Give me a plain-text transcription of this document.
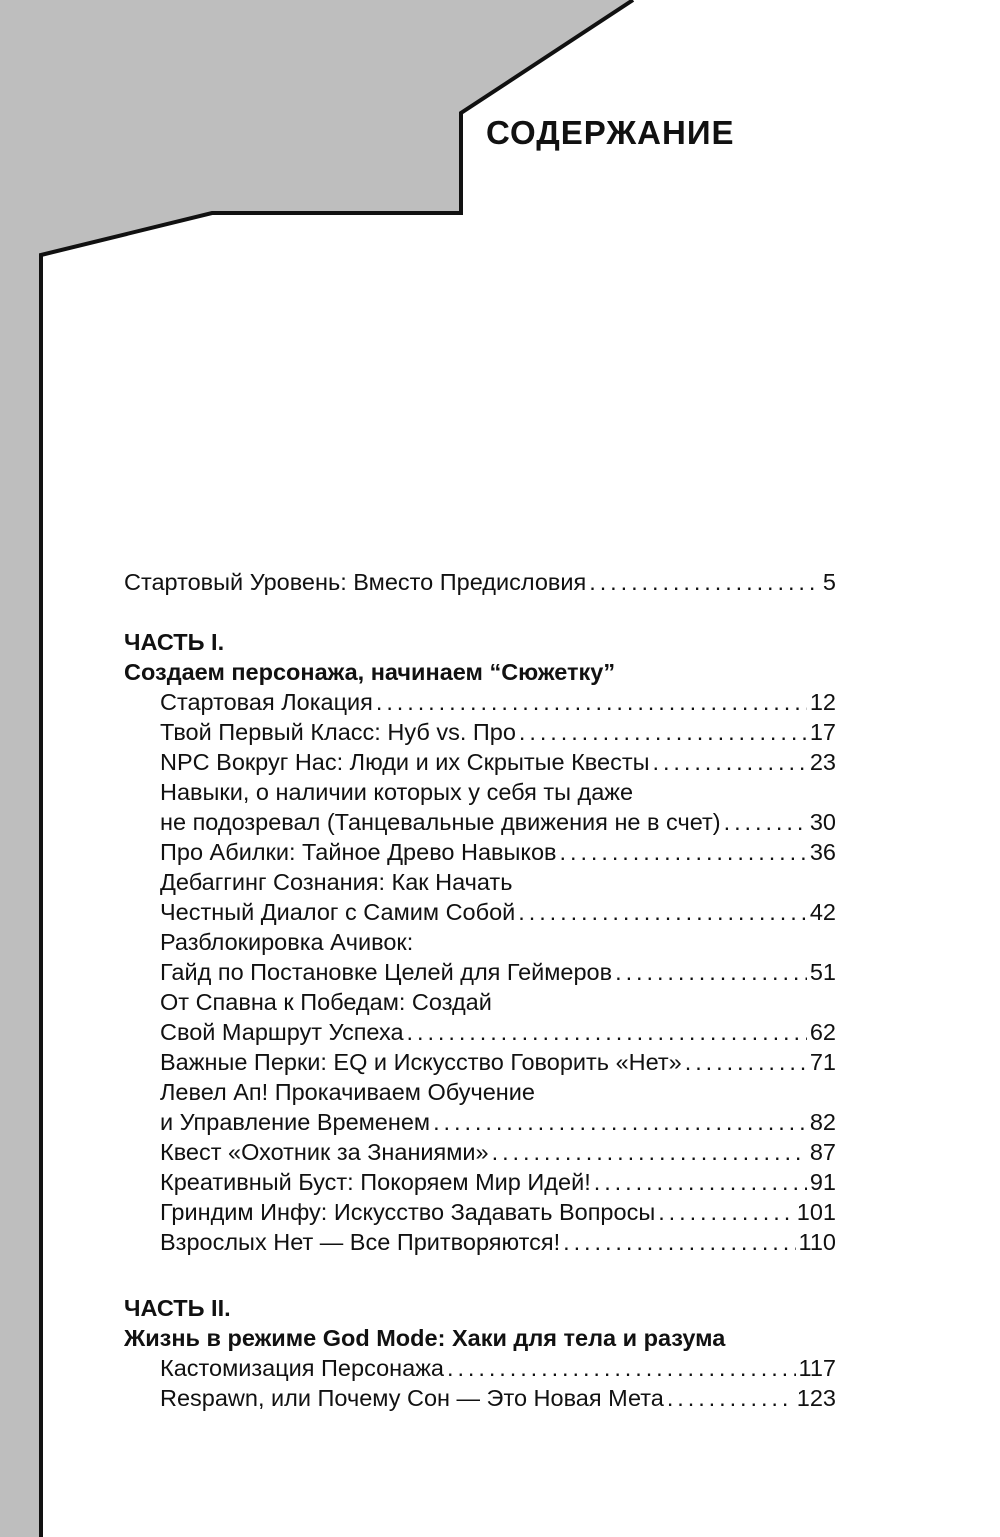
СОДЕРЖАНИЕ
Стартовый Уровень: Вместо Предисловия . . .	5
ЧАСТЬ I.
Создаем персонажа, начинаем “Сюжетку”
Стартовая Локация . . .	12
Твой Первый Класс: Нуб vs. Про . . .	17
NPC Вокруг Нас: Люди и их Скрытые Квесты . . .	23
Навыки, о наличии которых у себя ты даже
не подозревал (Танцевальные движения не в счет) . . .	30
Про Абилки: Тайное Древо Навыков . . .	36
Дебаггинг Сознания: Как Начать
Честный Диалог с Самим Собой . . .	42
Разблокировка Ачивок:
Гайд по Постановке Целей для Геймеров . . .	51
От Спавна к Победам: Создай
Свой Маршрут Успеха . . .	62
Важные Перки: EQ и Искусство Говорить «Нет» . . .	71
Левел Ап! Прокачиваем Обучение
и Управление Временем . . .	82
Квест «Охотник за Знаниями» . . .	87
Креативный Буст: Покоряем Мир Идей! . . .	91
Гриндим Инфу: Искусство Задавать Вопросы . . .	101
Взрослых Нет — Все Притворяются! . . .	110
ЧАСТЬ II.
Жизнь в режиме God Mode: Хаки для тела и разума
Кастомизация Персонажа . . .	117
Respawn, или Почему Сон — Это Новая Мета . . .	123
